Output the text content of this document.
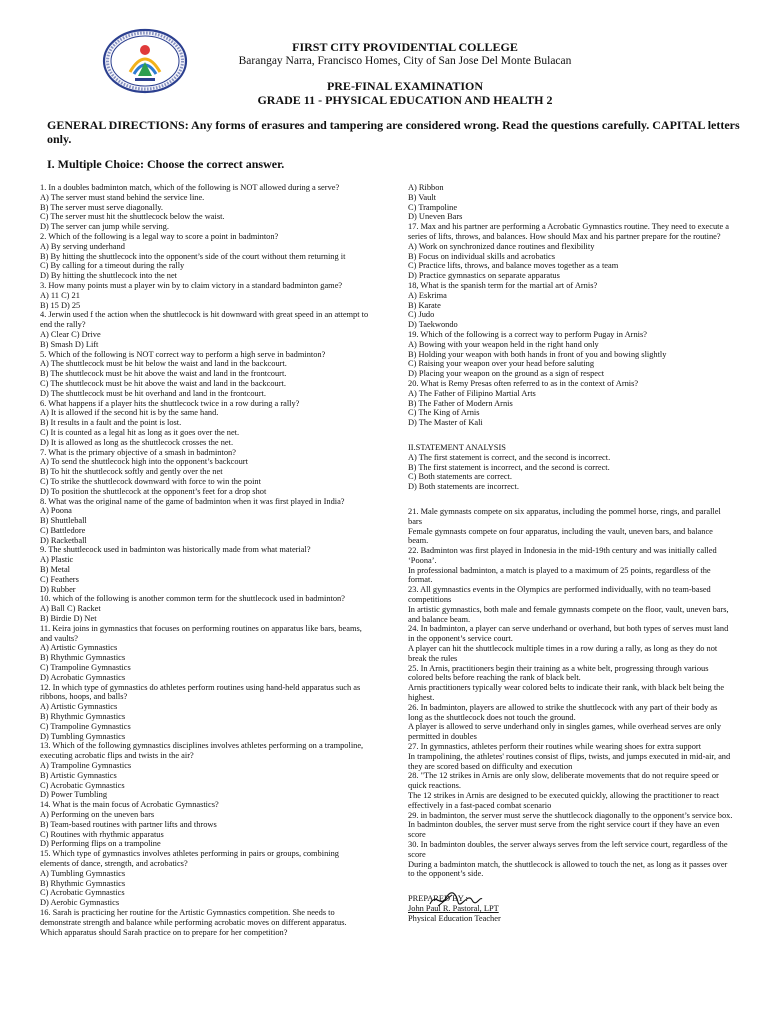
FIRST CITY PROVIDENTIAL COLLEGE
Barangay Narra, Francisco Homes, City of San Jose Del Monte Bulacan
PRE-FINAL EXAMINATION
GRADE 11 - PHYSICAL EDUCATION AND HEALTH 2
GENERAL DIRECTIONS: Any forms of erasures and tampering are considered wrong. Read the questions carefully. CAPITAL letters only.
I. Multiple Choice: Choose the correct answer.
1. In a doubles badminton match, which of the following is NOT allowed during a serve?
A) The server must stand behind the service line.
B) The server must serve diagonally.
C) The server must hit the shuttlecock below the waist.
D) The server can jump while serving.
2. Which of the following is a legal way to score a point in badminton?
A) By serving underhand
B) By hitting the shuttlecock into the opponent’s side of the court without them returning it
C) By calling for a timeout during the rally
D) By hitting the shuttlecock into the net
3. How many points must a player win by to claim victory in a standard badminton game?
A) 11 C) 21
B) 15 D) 25
4. Jerwin used f the action when the shuttlecock is hit downward with great speed in an attempt to end the rally?
A) Clear C) Drive
B) Smash D) Lift
5. Which of the following is NOT correct way to perform a high serve in badminton?
A) The shuttlecock must be hit below the waist and land in the backcourt.
B) The shuttlecock must be hit above the waist and land in the frontcourt.
C) The shuttlecock must be hit above the waist and land in the backcourt.
D) The shuttlecock must be hit overhand and land in the frontcourt.
6. What happens if a player hits the shuttlecock twice in a row during a rally?
A) It is allowed if the second hit is by the same hand.
B) It results in a fault and the point is lost.
C) It is counted as a legal hit as long as it goes over the net.
D) It is allowed as long as the shuttlecock crosses the net.
7. What is the primary objective of a smash in badminton?
A) To send the shuttlecock high into the opponent’s backcourt
B) To hit the shuttlecock softly and gently over the net
C) To strike the shuttlecock downward with force to win the point
D) To position the shuttlecock at the opponent’s feet for a drop shot
8. What was the original name of the game of badminton when it was first played in India?
A) Poona
B) Shuttleball
C) Battledore
D) Racketball
9. The shuttlecock used in badminton was historically made from what material?
A) Plastic
B) Metal
C) Feathers
D) Rubber
10. which of the following is another common term for the shuttlecock used in badminton?
A) Ball C) Racket
B) Birdie D) Net
11. Keira joins in gymnastics that focuses on performing routines on apparatus like bars, beams, and vaults?
A) Artistic Gymnastics
B) Rhythmic Gymnastics
C) Trampoline Gymnastics
D) Acrobatic Gymnastics
12. In which type of gymnastics do athletes perform routines using hand-held apparatus such as ribbons, hoops, and balls?
A) Artistic Gymnastics
B) Rhythmic Gymnastics
C) Trampoline Gymnastics
D) Tumbling Gymnastics
13. Which of the following gymnastics disciplines involves athletes performing on a trampoline, executing acrobatic flips and twists in the air?
A) Trampoline Gymnastics
B) Artistic Gymnastics
C) Acrobatic Gymnastics
D) Power Tumbling
14. What is the main focus of Acrobatic Gymnastics?
A) Performing on the uneven bars
B) Team-based routines with partner lifts and throws
C) Routines with rhythmic apparatus
D) Performing flips on a trampoline
15. Which type of gymnastics involves athletes performing in pairs or groups, combining elements of dance, strength, and acrobatics?
A) Tumbling Gymnastics
B) Rhythmic Gymnastics
C) Acrobatic Gymnastics
D) Aerobic Gymnastics
16. Sarah is practicing her routine for the Artistic Gymnastics competition. She needs to demonstrate strength and balance while performing acrobatic moves on different apparatus. Which apparatus should Sarah practice on to prepare for her competition?
A) Ribbon
B) Vault
C) Trampoline
D) Uneven Bars
17. Max and his partner are performing a Acrobatic Gymnastics routine. They need to execute a series of lifts, throws, and balances. How should Max and his partner prepare for the routine?
A) Work on synchronized dance routines and flexibility
B) Focus on individual skills and acrobatics
C) Practice lifts, throws, and balance moves together as a team
D) Practice gymnastics on separate apparatus
18, What is the spanish term for the martial art of Arnis?
A) Eskrima
B) Karate
C) Judo
D) Taekwondo
19. Which of the following is a correct way to perform Pugay in Arnis?
A) Bowing with your weapon held in the right hand only
B) Holding your weapon with both hands in front of you and bowing slightly
C) Raising your weapon over your head before saluting
D) Placing your weapon on the ground as a sign of respect
20. What is Remy Presas often referred to as in the context of Arnis?
A) The Father of Filipino Martial Arts
B) The Father of Modern Arnis
C) The King of Arnis
D) The Master of Kali
II.STATEMENT ANALYSIS
A) The first statement is correct, and the second is incorrect.
B) The first statement is incorrect, and the second is correct.
C) Both statements are correct.
D) Both statements are incorrect.
21. Male gymnasts compete on six apparatus, including the pommel horse, rings, and parallel bars
Female gymnasts compete on four apparatus, including the vault, uneven bars, and balance beam.
22. Badminton was first played in Indonesia in the mid-19th century and was initially called ‘Poona’.
In professional badminton, a match is played to a maximum of 25 points, regardless of the format.
23. All gymnastics events in the Olympics are performed individually, with no team-based competitions
In artistic gymnastics, both male and female gymnasts compete on the floor, vault, uneven bars, and balance beam.
24. In badminton, a player can serve underhand or overhand, but both types of serves must land in the opponent’s service court.
A player can hit the shuttlecock multiple times in a row during a rally, as long as they do not break the rules
25. In Arnis, practitioners begin their training as a white belt, progressing through various colored belts before reaching the rank of black belt.
Arnis practitioners typically wear colored belts to indicate their rank, with black belt being the highest.
26. In badminton, players are allowed to strike the shuttlecock with any part of their body as long as the shuttlecock does not touch the ground.
A player is allowed to serve underhand only in singles games, while overhead serves are only permitted in doubles
27. In gymnastics, athletes perform their routines while wearing shoes for extra support
In trampolining, the athletes' routines consist of flips, twists, and jumps executed in mid-air, and they are scored based on difficulty and execution
28. "The 12 strikes in Arnis are only slow, deliberate movements that do not require speed or quick reactions.
The 12 strikes in Arnis are designed to be executed quickly, allowing the practitioner to react effectively in a fast-paced combat scenario
29. in badminton, the server must serve the shuttlecock diagonally to the opponent’s service box.
In badminton doubles, the server must serve from the right service court if they have an even score
30. In badminton doubles, the server always serves from the left service court, regardless of the score
During a badminton match, the shuttlecock is allowed to touch the net, as long as it passes over to the opponent’s side.
PREPARED BY :
John Paul R. Pastoral, LPT
Physical Education Teacher
